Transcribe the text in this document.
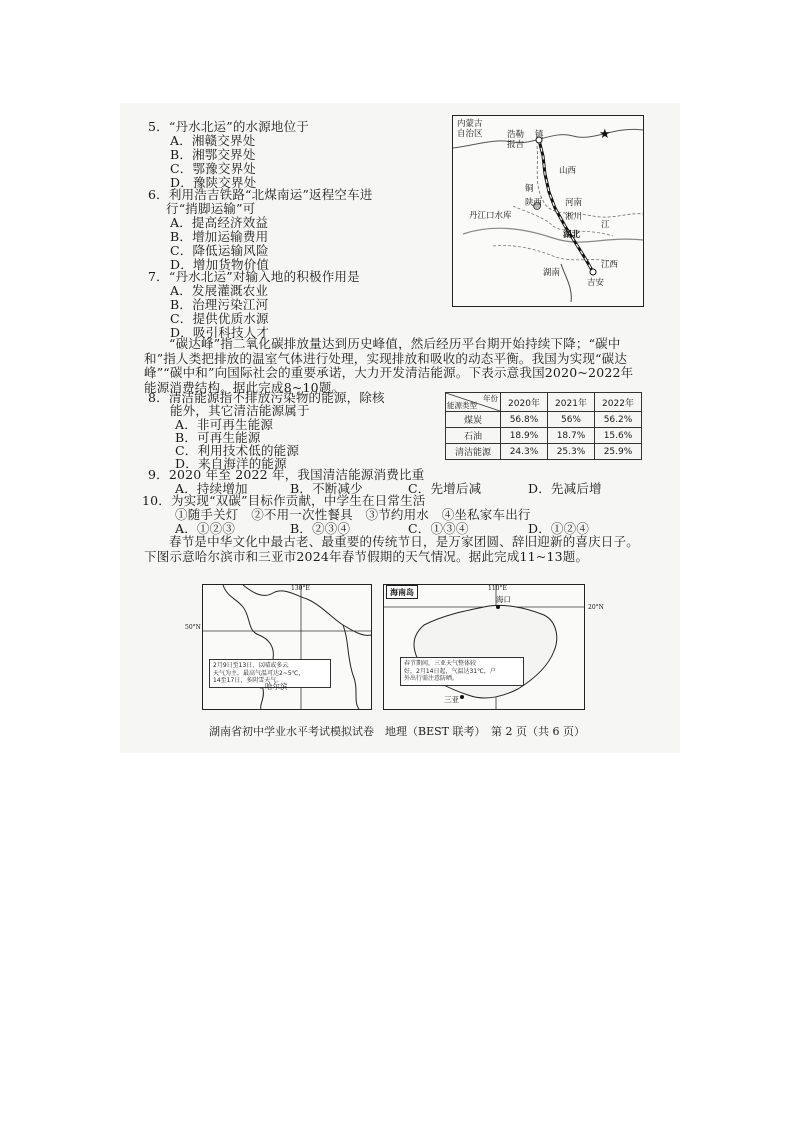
5．“丹水北运”的水源地位于
A．湘赣交界处
B．湘鄂交界处
C．鄂豫交界处
D．豫陕交界处
6．利用浩吉铁路“北煤南运”返程空车进
行“捎脚运输”可
A．提高经济效益
B．增加运输费用
C．降低运输风险
D．增加货物价值
7．“丹水北运”对输入地的积极作用是
A．发展灌溉农业
B．治理污染江河
C．提供优质水源
D．吸引科技人才
内蒙古
自治区	浩勒
报吉
镇	★
山西
铜
陕西	河南
淅川
丹江口水库
江
湖北
湖南
江西
吉安
“碳达峰”指二氧化碳排放量达到历史峰值，然后经历平台期开始持续下降；“碳中和”指人类把排放的温室气体进行处理，实现排放和吸收的动态平衡。我国为实现“碳达峰”“碳中和”向国际社会的重要承诺，大力开发清洁能源。下表示意我国2020~2022年能源消费结构。据此完成8~10题。
8．清洁能源指不排放污染物的能源，除核
能外，其它清洁能源属于
A．非可再生能源
B．可再生能源
C．利用技术低的能源
D．来自海洋的能源
年份
能源类型	2020年	2021年	2022年
煤炭	56.8%	56%	56.2%
石油	18.9%	18.7%	15.6%
清洁能源	24.3%	25.3%	25.9%
9．2020 年至 2022 年，我国清洁能源消费比重
A．持续增加	B．不断减少	C．先增后减	D．先减后增
10．为实现“双碳”目标作贡献，中学生在日常生活
①随手关灯　②不用一次性餐具　③节约用水　④坐私家车出行
A．①②③	B．②③④	C．①③④	D．①②④
春节是中华文化中最古老、最重要的传统节日，是万家团圆、辞旧迎新的喜庆日子。下图示意哈尔滨市和三亚市2024年春节假期的天气情况。据此完成11~13题。
130°E
50°N
2月9日至13日，以晴或多云
天气为主，最高气温可达2~5℃，
14至17日，多阴雪天气。
哈尔滨
海南岛	110°E
20°N
海口
春节期间，三亚天气整体较
好，2月14日起，气温达31℃，户
外出行需注意防晒。
三亚
湖南省初中学业水平考试模拟试卷　地理（BEST 联考）　第 2 页（共 6 页）
